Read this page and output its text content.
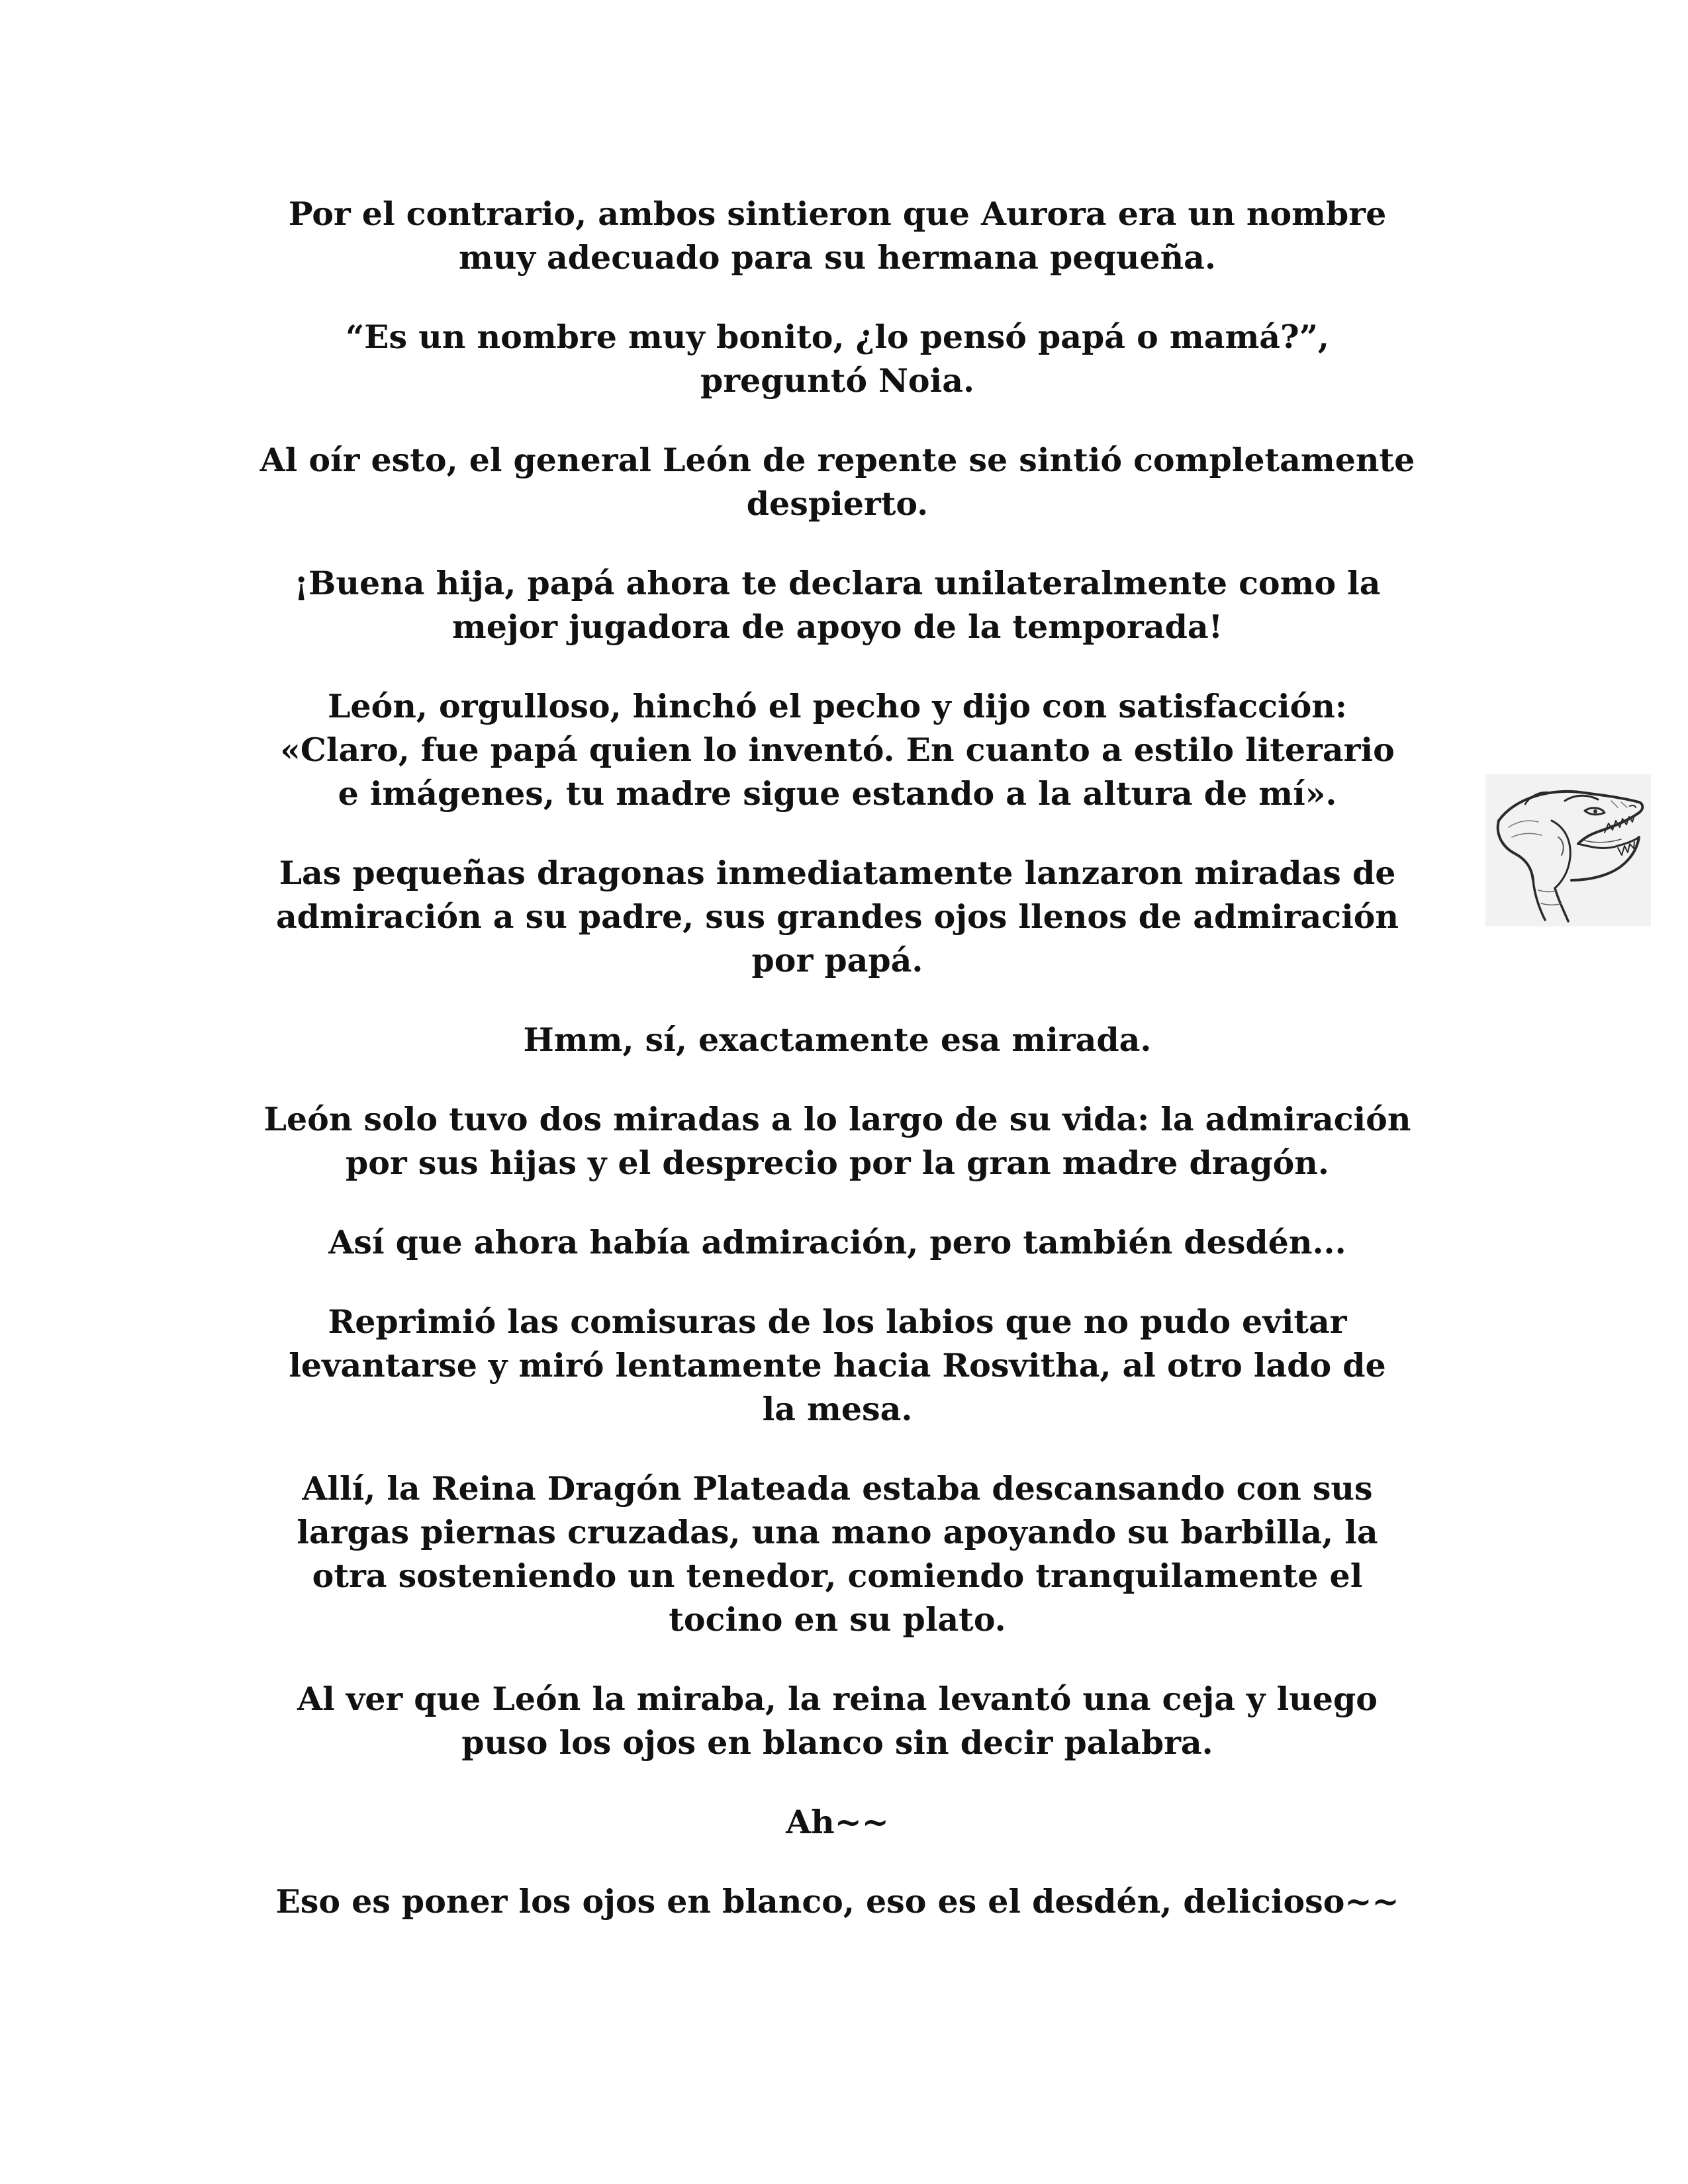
Por el contrario, ambos sintieron que Aurora era un nombre
muy adecuado para su hermana pequeña.

“Es un nombre muy bonito, ¿lo pensó papá o mamá?”,
preguntó Noia.

Al oír esto, el general León de repente se sintió completamente
despierto.

¡Buena hija, papá ahora te declara unilateralmente como la
mejor jugadora de apoyo de la temporada!

León, orgulloso, hinchó el pecho y dijo con satisfacción:
«Claro, fue papá quien lo inventó. En cuanto a estilo literario
e imágenes, tu madre sigue estando a la altura de mí».

Las pequeñas dragonas inmediatamente lanzaron miradas de
admiración a su padre, sus grandes ojos llenos de admiración
por papá.

Hmm, sí, exactamente esa mirada.

León solo tuvo dos miradas a lo largo de su vida: la admiración
por sus hijas y el desprecio por la gran madre dragón.

Así que ahora había admiración, pero también desdén...

Reprimió las comisuras de los labios que no pudo evitar
levantarse y miró lentamente hacia Rosvitha, al otro lado de
la mesa.

Allí, la Reina Dragón Plateada estaba descansando con sus
largas piernas cruzadas, una mano apoyando su barbilla, la
otra sosteniendo un tenedor, comiendo tranquilamente el
tocino en su plato.

Al ver que León la miraba, la reina levantó una ceja y luego
puso los ojos en blanco sin decir palabra.

Ah~~

Eso es poner los ojos en blanco, eso es el desdén, delicioso~~
